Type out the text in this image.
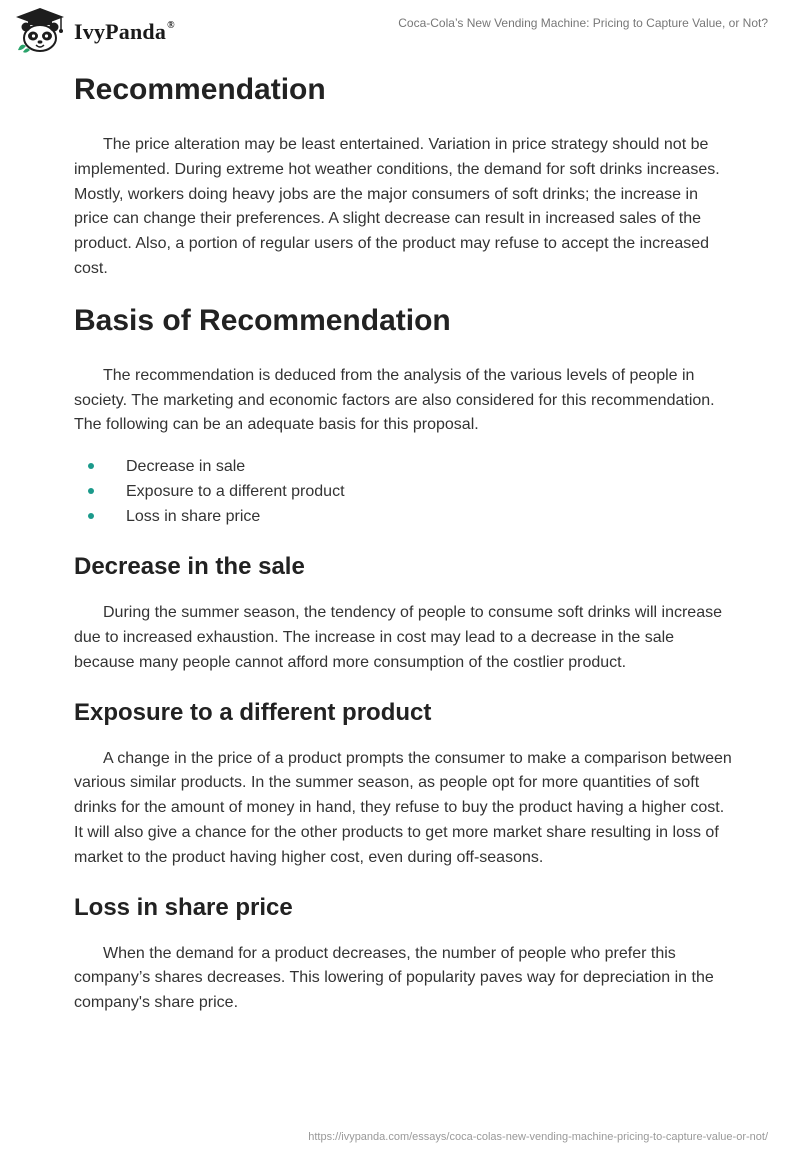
IvyPanda®	Coca-Cola’s New Vending Machine: Pricing to Capture Value, or Not?
Recommendation

The price alteration may be least entertained. Variation in price strategy should not be implemented. During extreme hot weather conditions, the demand for soft drinks increases. Mostly, workers doing heavy jobs are the major consumers of soft drinks; the increase in price can change their preferences. A slight decrease can result in increased sales of the product. Also, a portion of regular users of the product may refuse to accept the increased cost.

Basis of Recommendation

The recommendation is deduced from the analysis of the various levels of people in society. The marketing and economic factors are also considered for this recommendation. The following can be an adequate basis for this proposal.

Decrease in sale
Exposure to a different product
Loss in share price
Decrease in the sale

During the summer season, the tendency of people to consume soft drinks will increase due to increased exhaustion. The increase in cost may lead to a decrease in the sale because many people cannot afford more consumption of the costlier product.

Exposure to a different product

A change in the price of a product prompts the consumer to make a comparison between various similar products. In the summer season, as people opt for more quantities of soft drinks for the amount of money in hand, they refuse to buy the product having a higher cost. It will also give a chance for the other products to get more market share resulting in loss of market to the product having higher cost, even during off-seasons.

Loss in share price

When the demand for a product decreases, the number of people who prefer this company’s shares decreases. This lowering of popularity paves way for depreciation in the company's share price.

https://ivypanda.com/essays/coca-colas-new-vending-machine-pricing-to-capture-value-or-not/
